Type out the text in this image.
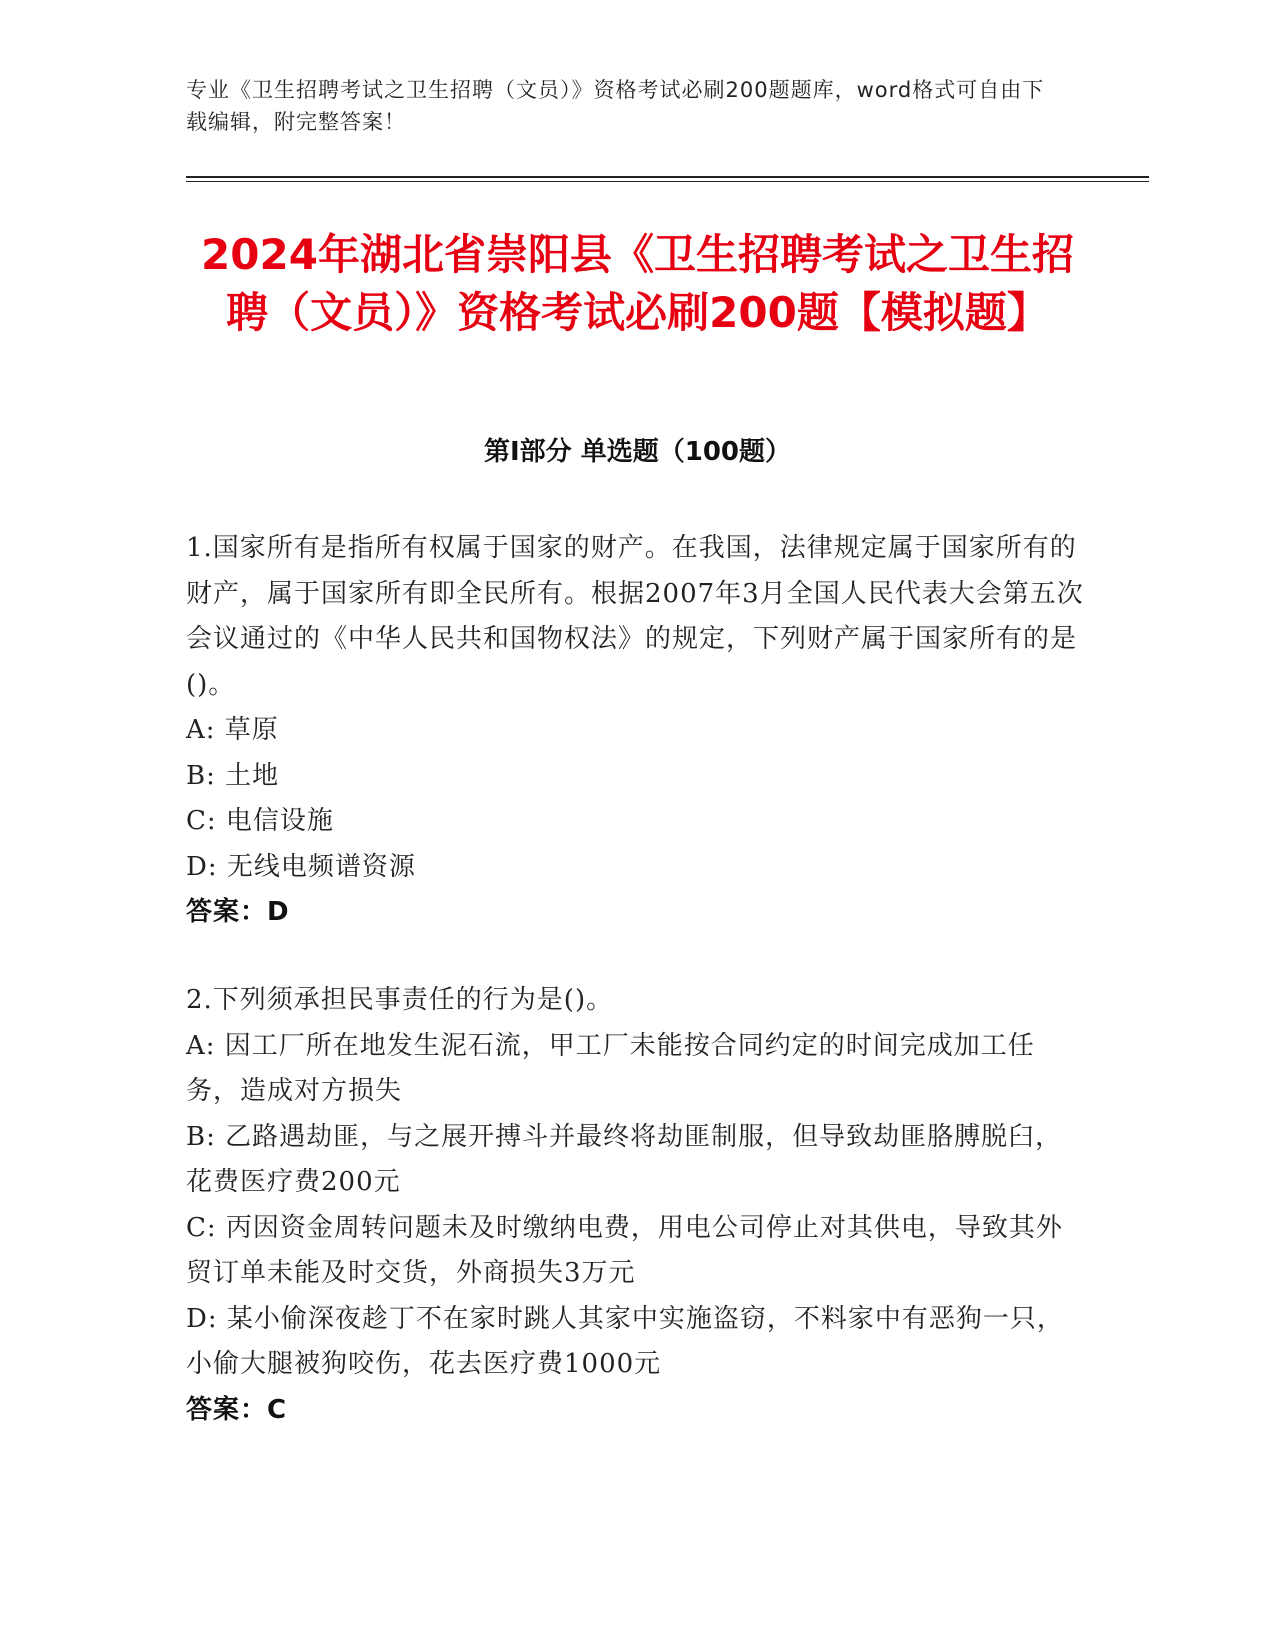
专业《卫生招聘考试之卫生招聘（文员）》资格考试必刷200题题库，word格式可自由下载编辑，附完整答案！
2024年湖北省崇阳县《卫生招聘考试之卫生招聘（文员）》资格考试必刷200题【模拟题】
第I部分 单选题（100题）

1.国家所有是指所有权属于国家的财产。在我国，法律规定属于国家所有的财产，属于国家所有即全民所有。根据2007年3月全国人民代表大会第五次会议通过的《中华人民共和国物权法》的规定，下列财产属于国家所有的是()。

A: 草原

B: 土地

C: 电信设施

D: 无线电频谱资源

答案：D

2.下列须承担民事责任的行为是()。

A: 因工厂所在地发生泥石流，甲工厂未能按合同约定的时间完成加工任务，造成对方损失

B: 乙路遇劫匪，与之展开搏斗并最终将劫匪制服，但导致劫匪胳膊脱臼，花费医疗费200元

C: 丙因资金周转问题未及时缴纳电费，用电公司停止对其供电，导致其外贸订单未能及时交货，外商损失3万元

D: 某小偷深夜趁丁不在家时跳人其家中实施盗窃，不料家中有恶狗一只，小偷大腿被狗咬伤，花去医疗费1000元

答案：C
